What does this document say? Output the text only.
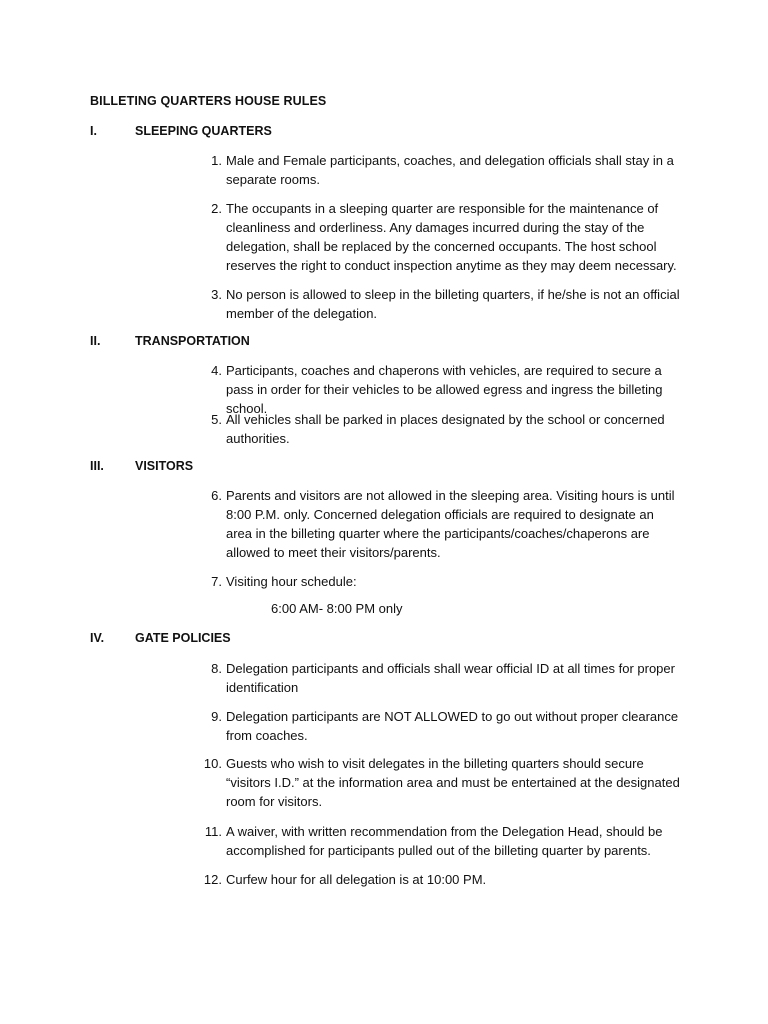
BILLETING QUARTERS HOUSE RULES
I.	SLEEPING QUARTERS
1. Male and Female participants, coaches, and delegation officials shall stay in a separate rooms.
2. The occupants in a sleeping quarter are responsible for the maintenance of cleanliness and orderliness. Any damages incurred during the stay of the delegation, shall be replaced by the concerned occupants. The host school reserves the right to conduct inspection anytime as they may deem necessary.
3. No person is allowed to sleep in the billeting quarters, if he/she is not an official member of the delegation.
II.	TRANSPORTATION
4. Participants, coaches and chaperons with vehicles, are required to secure a pass in order for their vehicles to be allowed egress and ingress the billeting school.
5. All vehicles shall be parked in places designated by the school or concerned authorities.
III. VISITORS
6. Parents and visitors are not allowed in the sleeping area. Visiting hours is until 8:00 P.M. only. Concerned delegation officials are required to designate an area in the billeting quarter where the participants/coaches/chaperons are allowed to meet their visitors/parents.
7. Visiting hour schedule:
6:00 AM- 8:00 PM only
IV. GATE POLICIES
8. Delegation participants and officials shall wear official ID at all times for proper identification
9. Delegation participants are NOT ALLOWED to go out without proper clearance from coaches.
10. Guests who wish to visit delegates in the billeting quarters should secure “visitors I.D.” at the information area and must be entertained at the designated room for visitors.
11. A waiver, with written recommendation from the Delegation Head, should be accomplished for participants pulled out of the billeting quarter by parents.
12. Curfew hour for all delegation is at 10:00 PM.
